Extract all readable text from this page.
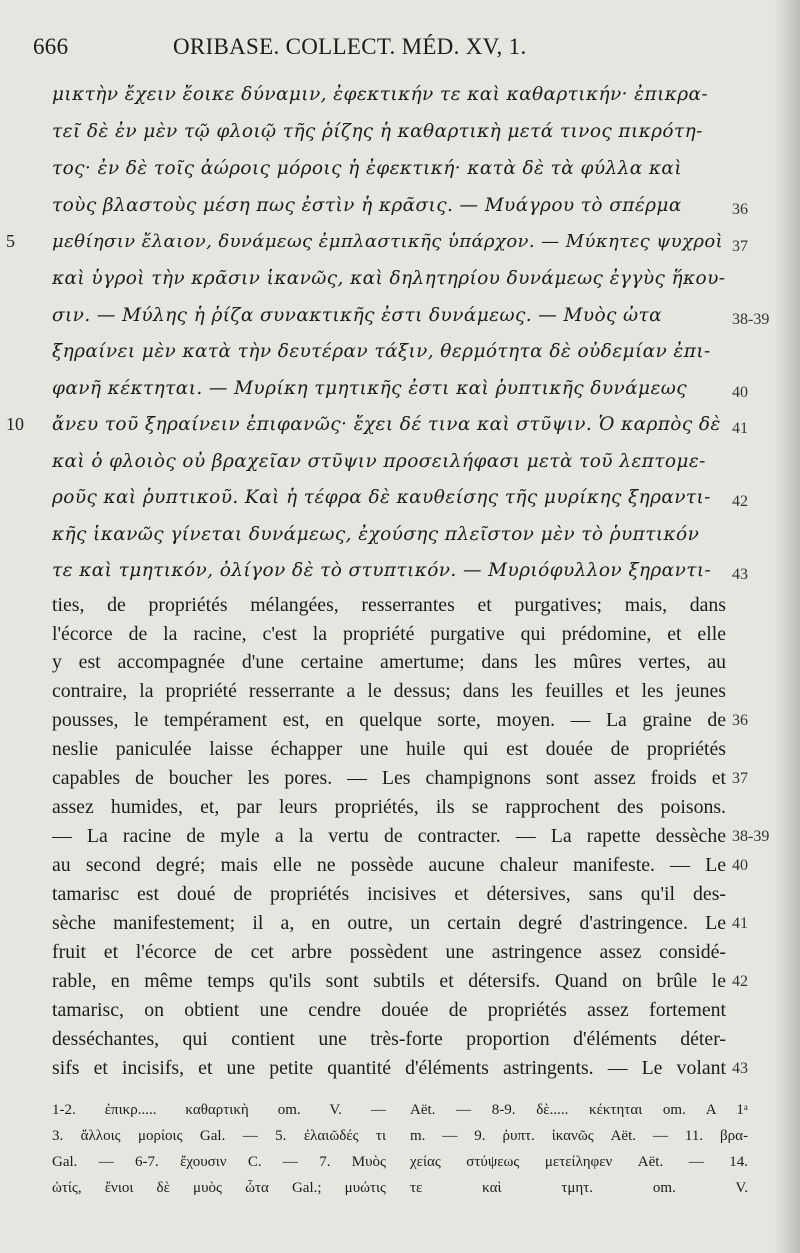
666	ORIBASE. COLLECT. MÉD. XV, 1.
μικτὴν ἔχειν ἔοικε δύναμιν, ἐφεκτικήν τε καὶ καθαρτικήν· ἐπικρα-
τεῖ δὲ ἐν μὲν τῷ φλοιῷ τῆς ῥίζης ἡ καθαρτικὴ μετά τινος πικρότη-
τος· ἐν δὲ τοῖς ἀώροις μόροις ἡ ἐφεκτική· κατὰ δὲ τὰ φύλλα καὶ
τοὺς βλαστοὺς μέση πως ἐστὶν ἡ κρᾶσις. — Μυάγρου τὸ σπέρμα
μεθίησιν ἔλαιον, δυνάμεως ἐμπλαστικῆς ὑπάρχον. — Μύκητες ψυχροὶ
καὶ ὑγροὶ τὴν κρᾶσιν ἱκανῶς, καὶ δηλητηρίου δυνάμεως ἐγγὺς ἥκου-
σιν. — Μύλης ἡ ῥίζα συνακτικῆς ἐστι δυνάμεως. — Μυὸς ὦτα
ξηραίνει μὲν κατὰ τὴν δευτέραν τάξιν, θερμότητα δὲ οὐδεμίαν ἐπι-
φανῆ κέκτηται. — Μυρίκη τμητικῆς ἐστι καὶ ῥυπτικῆς δυνάμεως
ἄνευ τοῦ ξηραίνειν ἐπιφανῶς· ἔχει δέ τινα καὶ στῦψιν. Ὁ καρπὸς δὲ
καὶ ὁ φλοιὸς οὐ βραχεῖαν στῦψιν προσειλήφασι μετὰ τοῦ λεπτομε-
ροῦς καὶ ῥυπτικοῦ. Καὶ ἡ τέφρα δὲ καυθείσης τῆς μυρίκης ξηραντι-
κῆς ἱκανῶς γίνεται δυνάμεως, ἐχούσης πλεῖστον μὲν τὸ ῥυπτικόν
τε καὶ τμητικόν, ὀλίγον δὲ τὸ στυπτικόν. — Μυριόφυλλον ξηραντι-
5
10
36
37
38-39
40
41
42
43
ties, de propriétés mélangées, resserrantes et purgatives; mais, dans
l'écorce de la racine, c'est la propriété purgative qui prédomine, et elle
y est accompagnée d'une certaine amertume; dans les mûres vertes, au
contraire, la propriété resserrante a le dessus; dans les feuilles et les jeunes
pousses, le tempérament est, en quelque sorte, moyen. — La graine de
neslie paniculée laisse échapper une huile qui est douée de propriétés
capables de boucher les pores. — Les champignons sont assez froids et
assez humides, et, par leurs propriétés, ils se rapprochent des poisons.
— La racine de myle a la vertu de contracter. — La rapette dessèche
au second degré; mais elle ne possède aucune chaleur manifeste. — Le
tamarisc est doué de propriétés incisives et détersives, sans qu'il des-
sèche manifestement; il a, en outre, un certain degré d'astringence. Le
fruit et l'écorce de cet arbre possèdent une astringence assez considé-
rable, en même temps qu'ils sont subtils et détersifs. Quand on brûle le
tamarisc, on obtient une cendre douée de propriétés assez fortement
desséchantes, qui contient une très-forte proportion d'éléments déter-
sifs et incisifs, et une petite quantité d'éléments astringents. — Le volant
36
37
38-39
40
41
42
43
1-2. ἐπικρ..... καθαρτικὴ om. V. —
3. ἄλλοις μορίοις Gal. — 5. ἐλαιῶδές τι
Gal. — 6-7. ἔχουσιν C. — 7. Μυὸς
ὠτίς, ἔνιοι δὲ μυὸς ὦτα Gal.; μυώτις
Aët. — 8-9. δὲ..... κέκτηται om. A 1ᵃ
m. — 9. ῥυπτ. ἱκανῶς Aët. — 11. βρα-
χείας στύψεως μετείληφεν Aët. — 14.
τε καὶ τμητ. om. V.
